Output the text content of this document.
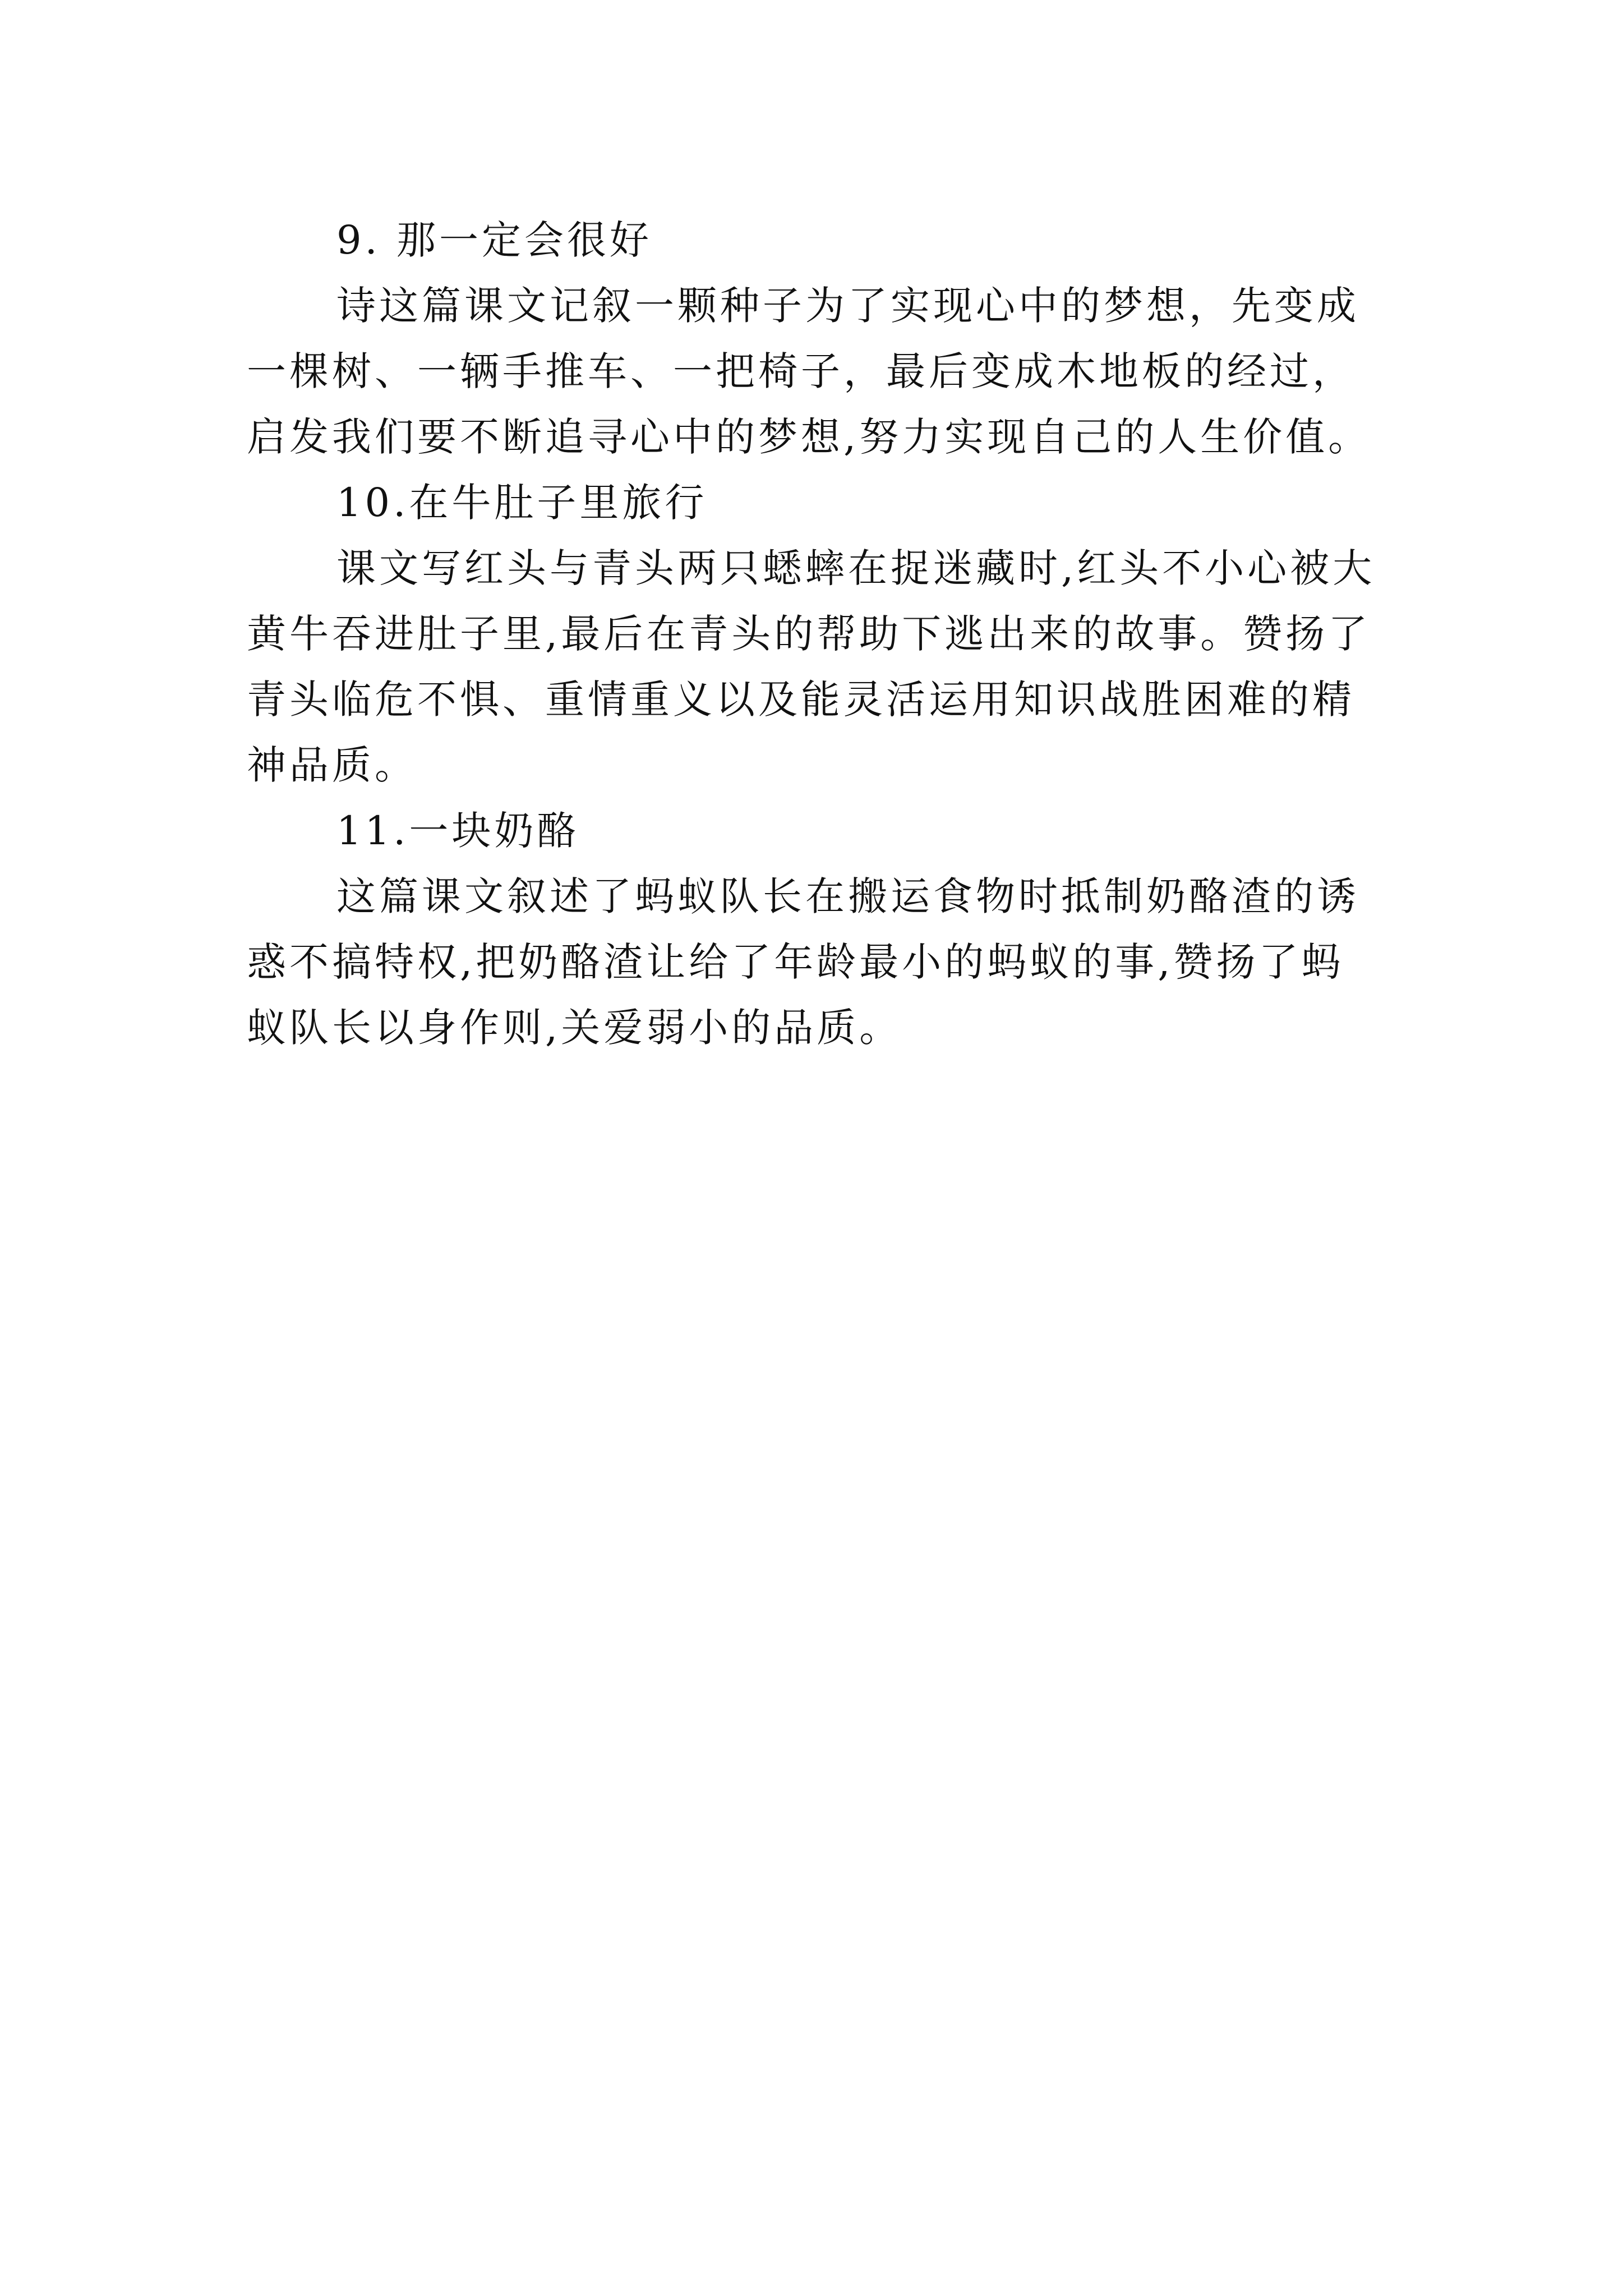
9. 那一定会很好

诗这篇课文记叙一颗种子为了实现心中的梦想，先变成一棵树、一辆手推车、一把椅子，最后变成木地板的经过，启发我们要不断追寻心中的梦想,努力实现自己的人生价值。

10.在牛肚子里旅行

课文写红头与青头两只蟋蟀在捉迷藏时,红头不小心被大黄牛吞进肚子里,最后在青头的帮助下逃出来的故事。赞扬了青头临危不惧、重情重义以及能灵活运用知识战胜困难的精神品质。

11.一块奶酪

这篇课文叙述了蚂蚁队长在搬运食物时抵制奶酪渣的诱惑不搞特权,把奶酪渣让给了年龄最小的蚂蚁的事,赞扬了蚂蚁队长以身作则,关爱弱小的品质。
